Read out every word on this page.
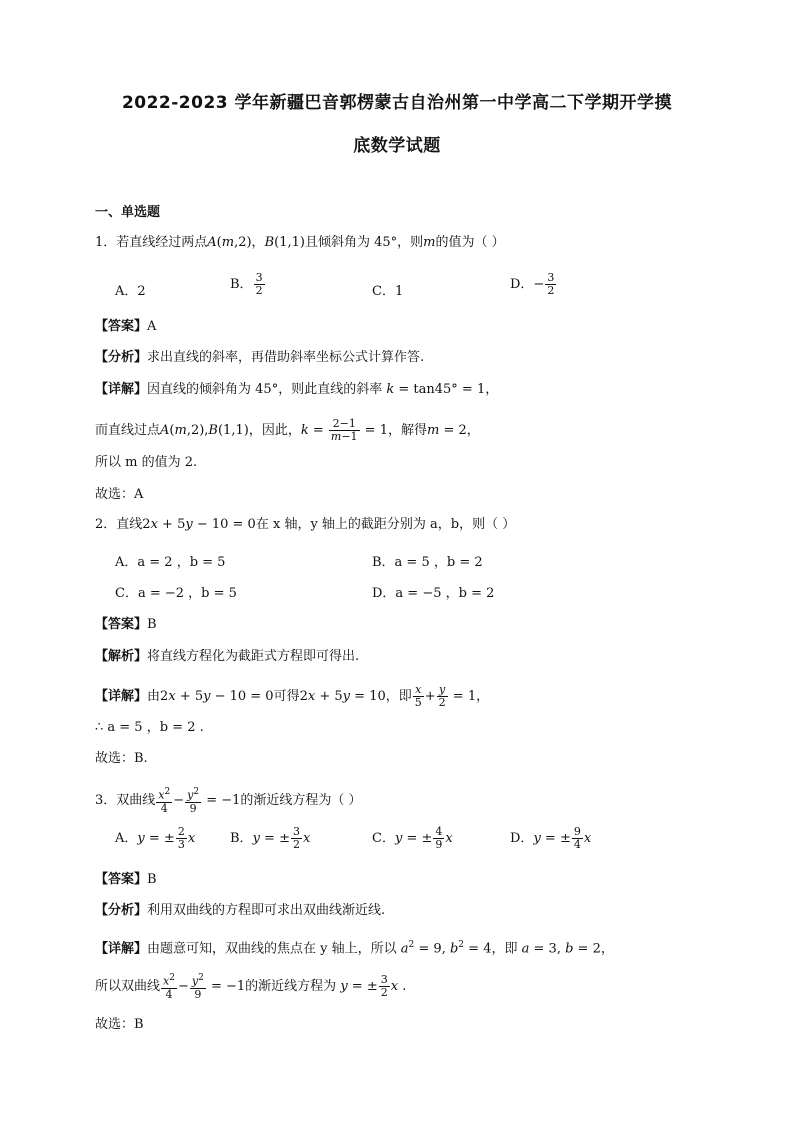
2022-2023 学年新疆巴音郭楞蒙古自治州第一中学高二下学期开学摸
底数学试题
一、单选题
1．若直线经过两点A(m,2)，B(1,1)且倾斜角为 45°，则m的值为（ ）
A．2	B． $\frac{3}{2}$	C．1	D．− $\frac{3}{2}$
【答案】A
【分析】求出直线的斜率，再借助斜率坐标公式计算作答.
【详解】因直线的倾斜角为 45°，则此直线的斜率 k = tan45° = 1，
而直线过点A(m,2),B(1,1)，因此，$k = \frac{2-1}{m-1} = 1$，解得m = 2，
所以 m 的值为 2.
故选：A
2．直线2x + 5y − 10 = 0在 x 轴，y 轴上的截距分别为 a，b，则（ ）
A．a = 2 ，b = 5	B．a = 5 ，b = 2
C．a = −2 ，b = 5	D．a = −5 ，b = 2
【答案】B
【解析】将直线方程化为截距式方程即可得出.
【详解】由2x + 5y − 10 = 0可得2x + 5y = 10，即 $\frac{x}{5} + \frac{y}{2} = 1$，
∴ a = 5 ，b = 2 .
故选：B.
3．双曲线 $\frac{x^2}{4} - \frac{y^2}{9} = -1$的渐近线方程为（ ）
A．y = ± $\frac{2}{3}$ x	B．y = ± $\frac{3}{2}$ x	C．y = ± $\frac{4}{9}$ x	D．y = ± $\frac{9}{4}$ x
【答案】B
【分析】利用双曲线的方程即可求出双曲线渐近线.
【详解】由题意可知，双曲线的焦点在 y 轴上，所以 $a^2 = 9$, $b^2 = 4$，即 a = 3, b = 2，
所以双曲线 $\frac{x^2}{4} - \frac{y^2}{9} = -1$的渐近线方程为 y = ± $\frac{3}{2}$ x .
故选：B
